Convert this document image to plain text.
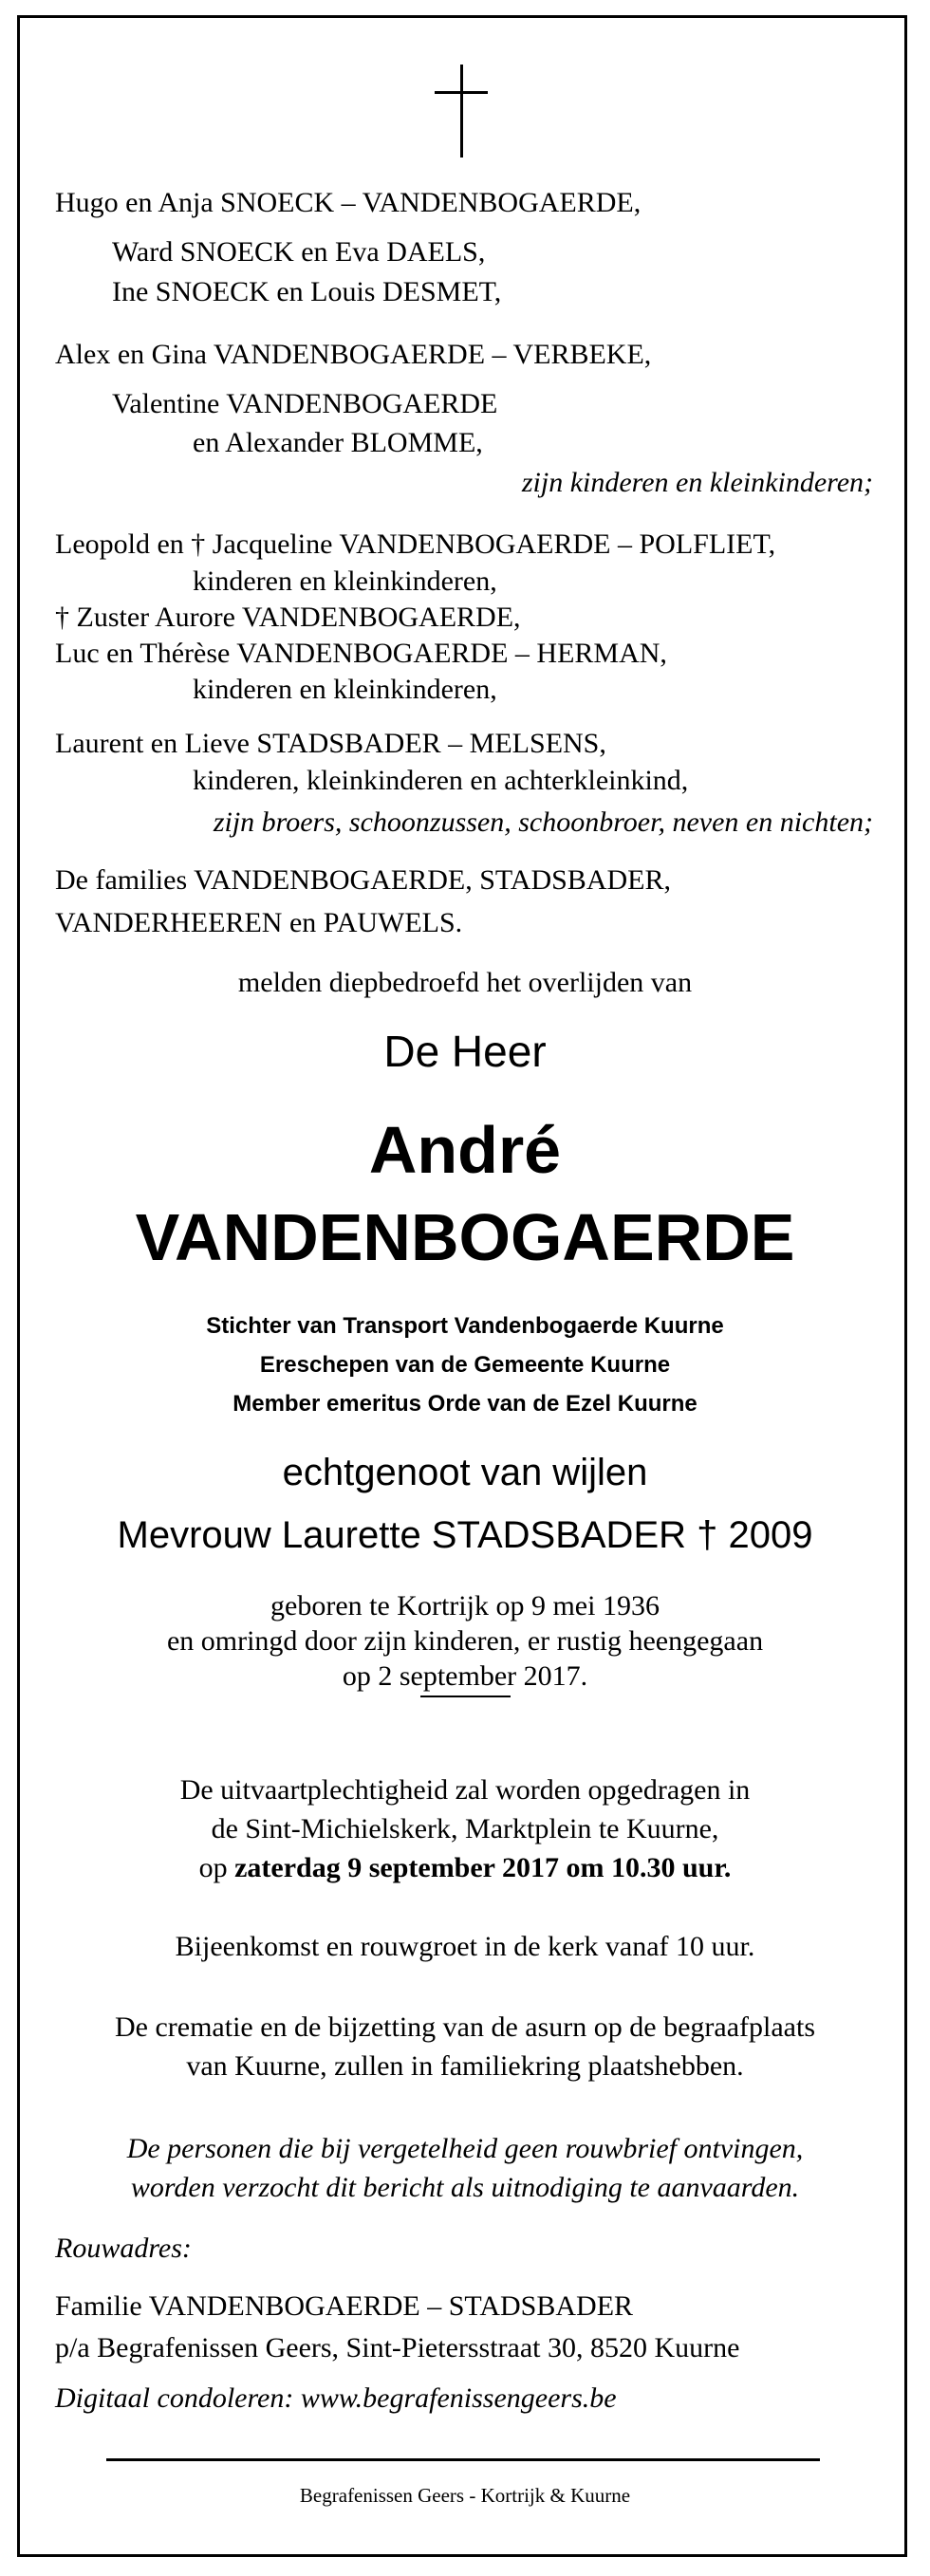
Hugo en Anja SNOECK – VANDENBOGAERDE,
Ward SNOECK en Eva DAELS,
Ine SNOECK en Louis DESMET,
Alex en Gina VANDENBOGAERDE – VERBEKE,
Valentine VANDENBOGAERDE
en Alexander BLOMME,
zijn kinderen en kleinkinderen;
Leopold en † Jacqueline VANDENBOGAERDE – POLFLIET,
kinderen en kleinkinderen,
† Zuster Aurore VANDENBOGAERDE,
Luc en Thérèse VANDENBOGAERDE – HERMAN,
kinderen en kleinkinderen,
Laurent en Lieve STADSBADER – MELSENS,
kinderen, kleinkinderen en achterkleinkind,
zijn broers, schoonzussen, schoonbroer, neven en nichten;
De families VANDENBOGAERDE, STADSBADER,
VANDERHEEREN en PAUWELS.
melden diepbedroefd het overlijden van
De Heer
André
VANDENBOGAERDE
Stichter van Transport Vandenbogaerde Kuurne
Ereschepen van de Gemeente Kuurne
Member emeritus Orde van de Ezel Kuurne
echtgenoot van wijlen
Mevrouw Laurette STADSBADER † 2009
geboren te Kortrijk op 9 mei 1936
en omringd door zijn kinderen, er rustig heengegaan
op 2 september 2017.
De uitvaartplechtigheid zal worden opgedragen in
de Sint-Michielskerk, Marktplein te Kuurne,
op zaterdag 9 september 2017 om 10.30 uur.
Bijeenkomst en rouwgroet in de kerk vanaf 10 uur.
De crematie en de bijzetting van de asurn op de begraafplaats
van Kuurne, zullen in familiekring plaatshebben.
De personen die bij vergetelheid geen rouwbrief ontvingen,
worden verzocht dit bericht als uitnodiging te aanvaarden.
Rouwadres:
Familie VANDENBOGAERDE – STADSBADER
p/a Begrafenissen Geers, Sint-Pietersstraat 30, 8520 Kuurne
Digitaal condoleren: www.begrafenissengeers.be
Begrafenissen Geers - Kortrijk & Kuurne
